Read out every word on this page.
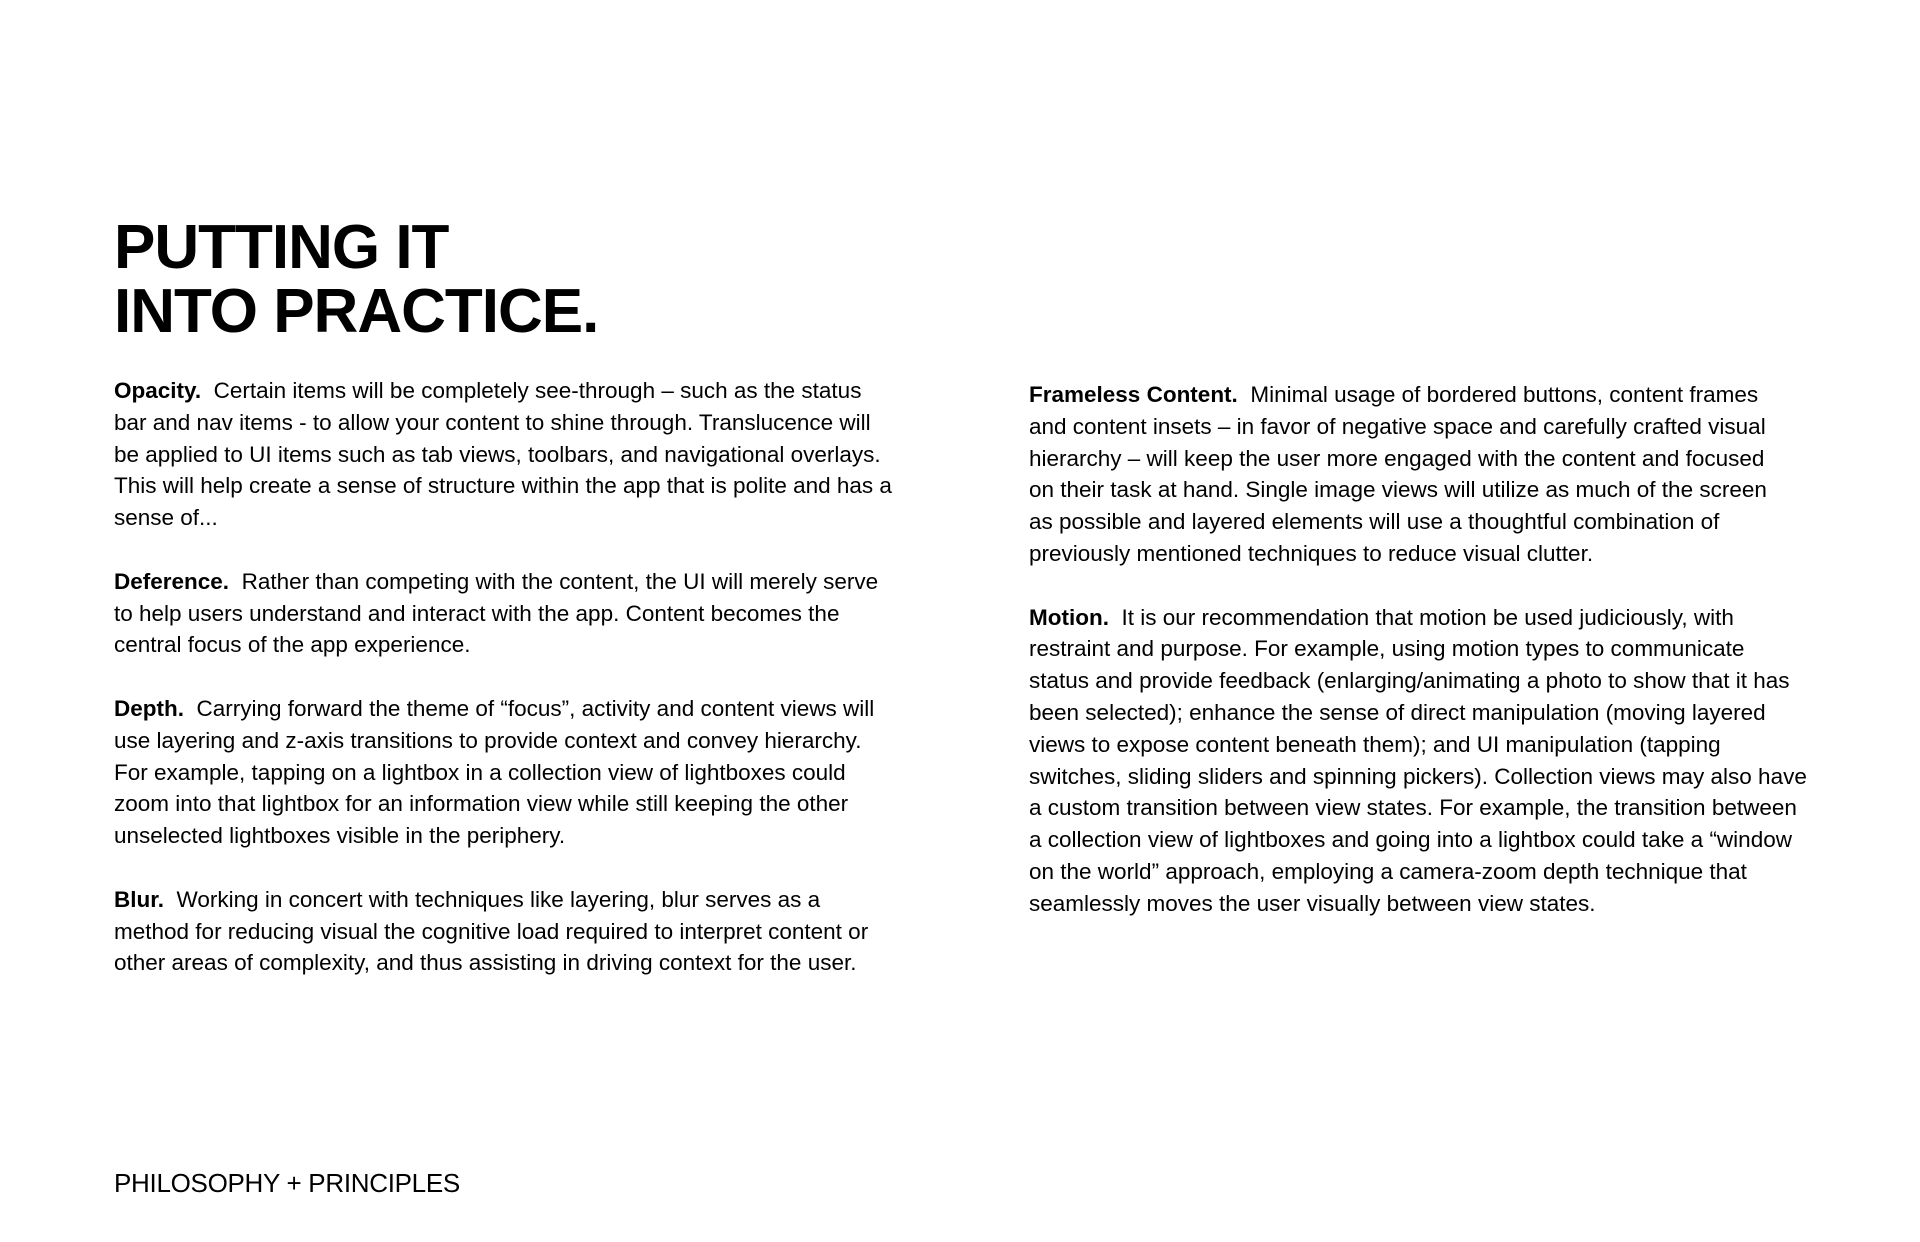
PUTTING IT
INTO PRACTICE.

Opacity. Certain items will be completely see-through – such as the status
bar and nav items - to allow your content to shine through. Translucence will
be applied to UI items such as tab views, toolbars, and navigational overlays.
This will help create a sense of structure within the app that is polite and has a
sense of...

Deference. Rather than competing with the content, the UI will merely serve
to help users understand and interact with the app. Content becomes the
central focus of the app experience.

Depth. Carrying forward the theme of “focus”, activity and content views will
use layering and z-axis transitions to provide context and convey hierarchy.
For example, tapping on a lightbox in a collection view of lightboxes could
zoom into that lightbox for an information view while still keeping the other
unselected lightboxes visible in the periphery.

Blur. Working in concert with techniques like layering, blur serves as a
method for reducing visual the cognitive load required to interpret content or
other areas of complexity, and thus assisting in driving context for the user.

Frameless Content. Minimal usage of bordered buttons, content frames
and content insets – in favor of negative space and carefully crafted visual
hierarchy – will keep the user more engaged with the content and focused
on their task at hand. Single image views will utilize as much of the screen
as possible and layered elements will use a thoughtful combination of
previously mentioned techniques to reduce visual clutter.

Motion. It is our recommendation that motion be used judiciously, with
restraint and purpose. For example, using motion types to communicate
status and provide feedback (enlarging/animating a photo to show that it has
been selected); enhance the sense of direct manipulation (moving layered
views to expose content beneath them); and UI manipulation (tapping
switches, sliding sliders and spinning pickers). Collection views may also have
a custom transition between view states. For example, the transition between
a collection view of lightboxes and going into a lightbox could take a “window
on the world” approach, employing a camera-zoom depth technique that
seamlessly moves the user visually between view states.

PHILOSOPHY + PRINCIPLES
